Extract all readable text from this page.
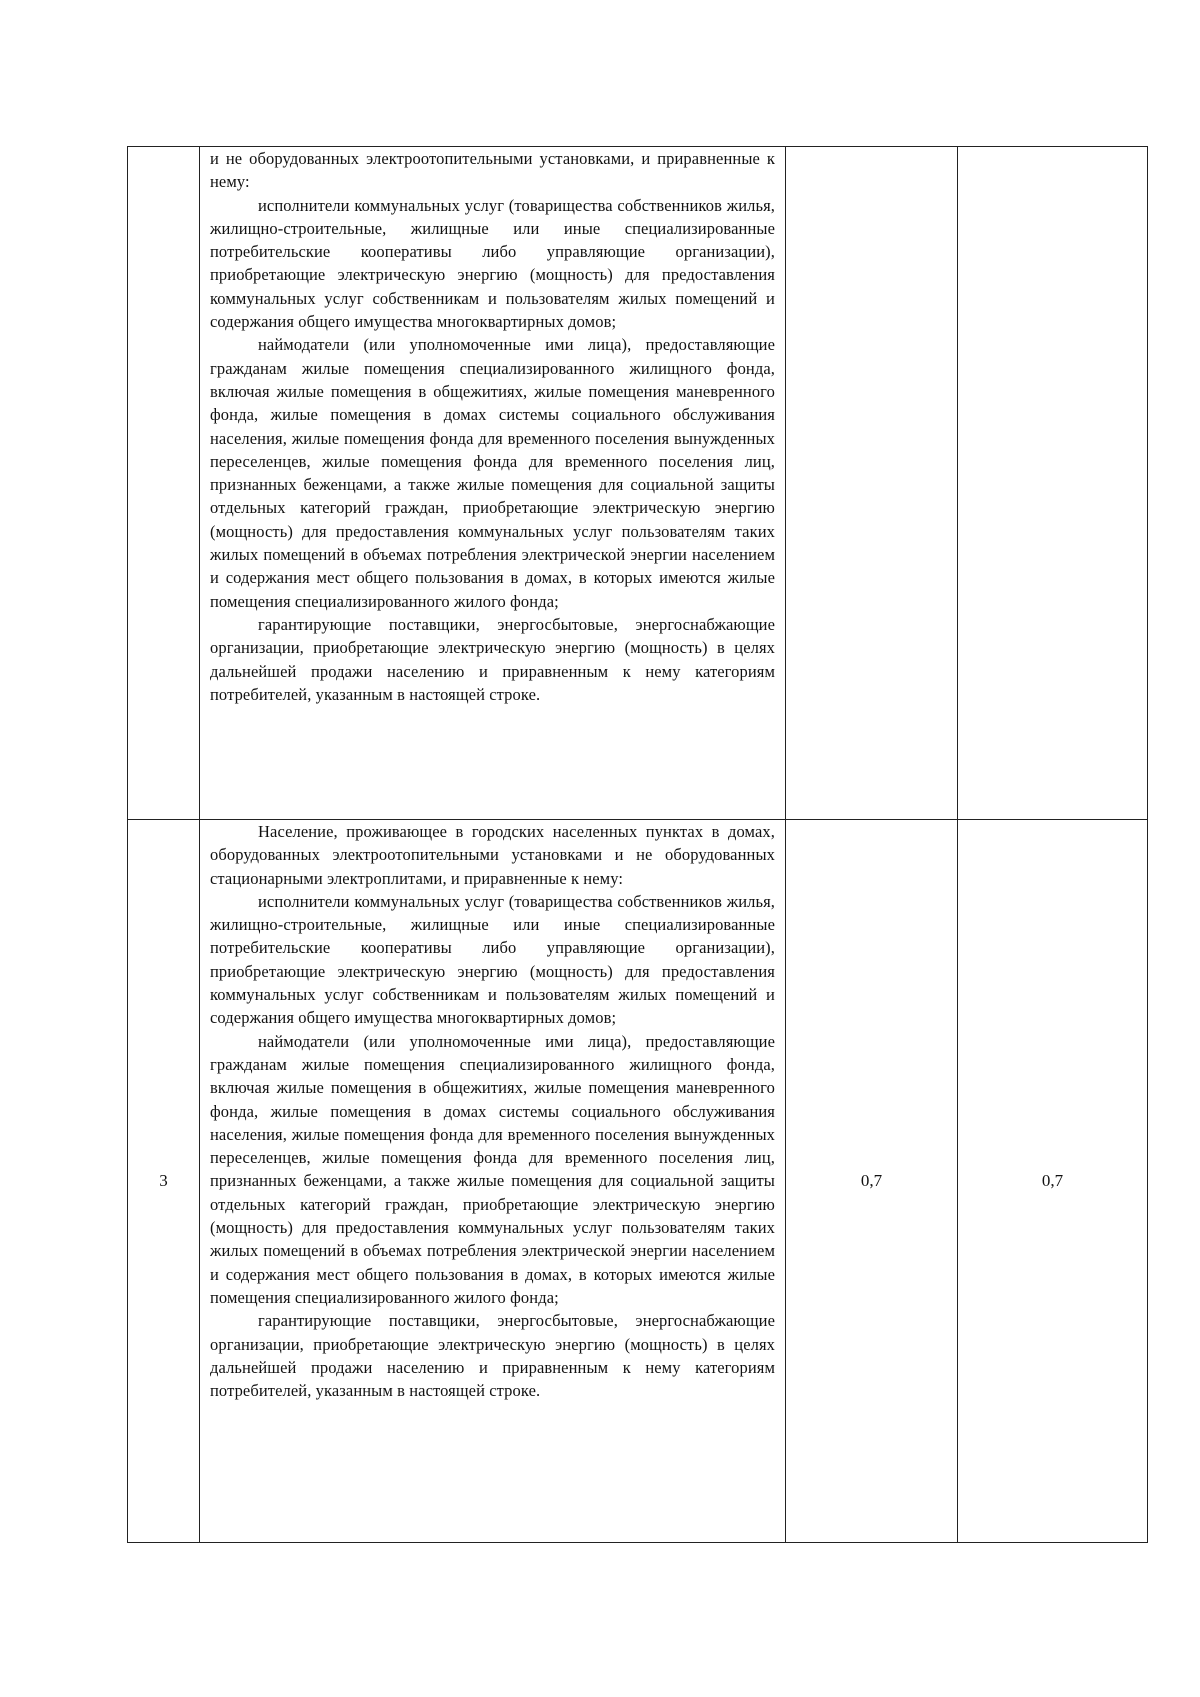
	и не оборудованных электроотопительными установками, и приравненные к нему:

исполнители коммунальных услуг (товарищества собственников жилья, жилищно-строительные, жилищные или иные специализированные потребительские кооперативы либо управляющие организации), приобретающие электрическую энергию (мощность) для предоставления коммунальных услуг собственникам и пользователям жилых помещений и содержания общего имущества многоквартирных домов;

наймодатели (или уполномоченные ими лица), предоставляющие гражданам жилые помещения специализированного жилищного фонда, включая жилые помещения в общежитиях, жилые помещения маневренного фонда, жилые помещения в домах системы социального обслуживания населения, жилые помещения фонда для временного поселения вынужденных переселенцев, жилые помещения фонда для временного поселения лиц, признанных беженцами, а также жилые помещения для социальной защиты отдельных категорий граждан, приобретающие электрическую энергию (мощность) для предоставления коммунальных услуг пользователям таких жилых помещений в объемах потребления электрической энергии населением и содержания мест общего пользования в домах, в которых имеются жилые помещения специализированного жилого фонда;

гарантирующие поставщики, энергосбытовые, энергоснабжающие организации, приобретающие электрическую энергию (мощность) в целях дальнейшей продажи населению и приравненным к нему категориям потребителей, указанным в настоящей строке.		

3	Население, проживающее в городских населенных пунктах в домах, оборудованных электроотопительными установками и не оборудованных стационарными электроплитами, и приравненные к нему:

исполнители коммунальных услуг (товарищества собственников жилья, жилищно-строительные, жилищные или иные специализированные потребительские кооперативы либо управляющие организации), приобретающие электрическую энергию (мощность) для предоставления коммунальных услуг собственникам и пользователям жилых помещений и содержания общего имущества многоквартирных домов;

наймодатели (или уполномоченные ими лица), предоставляющие гражданам жилые помещения специализированного жилищного фонда, включая жилые помещения в общежитиях, жилые помещения маневренного фонда, жилые помещения в домах системы социального обслуживания населения, жилые помещения фонда для временного поселения вынужденных переселенцев, жилые помещения фонда для временного поселения лиц, признанных беженцами, а также жилые помещения для социальной защиты отдельных категорий граждан, приобретающие электрическую энергию (мощность) для предоставления коммунальных услуг пользователям таких жилых помещений в объемах потребления электрической энергии населением и содержания мест общего пользования в домах, в которых имеются жилые помещения специализированного жилого фонда;

гарантирующие поставщики, энергосбытовые, энергоснабжающие организации, приобретающие электрическую энергию (мощность) в целях дальнейшей продажи населению и приравненным к нему категориям потребителей, указанным в настоящей строке.	0,7	0,7
